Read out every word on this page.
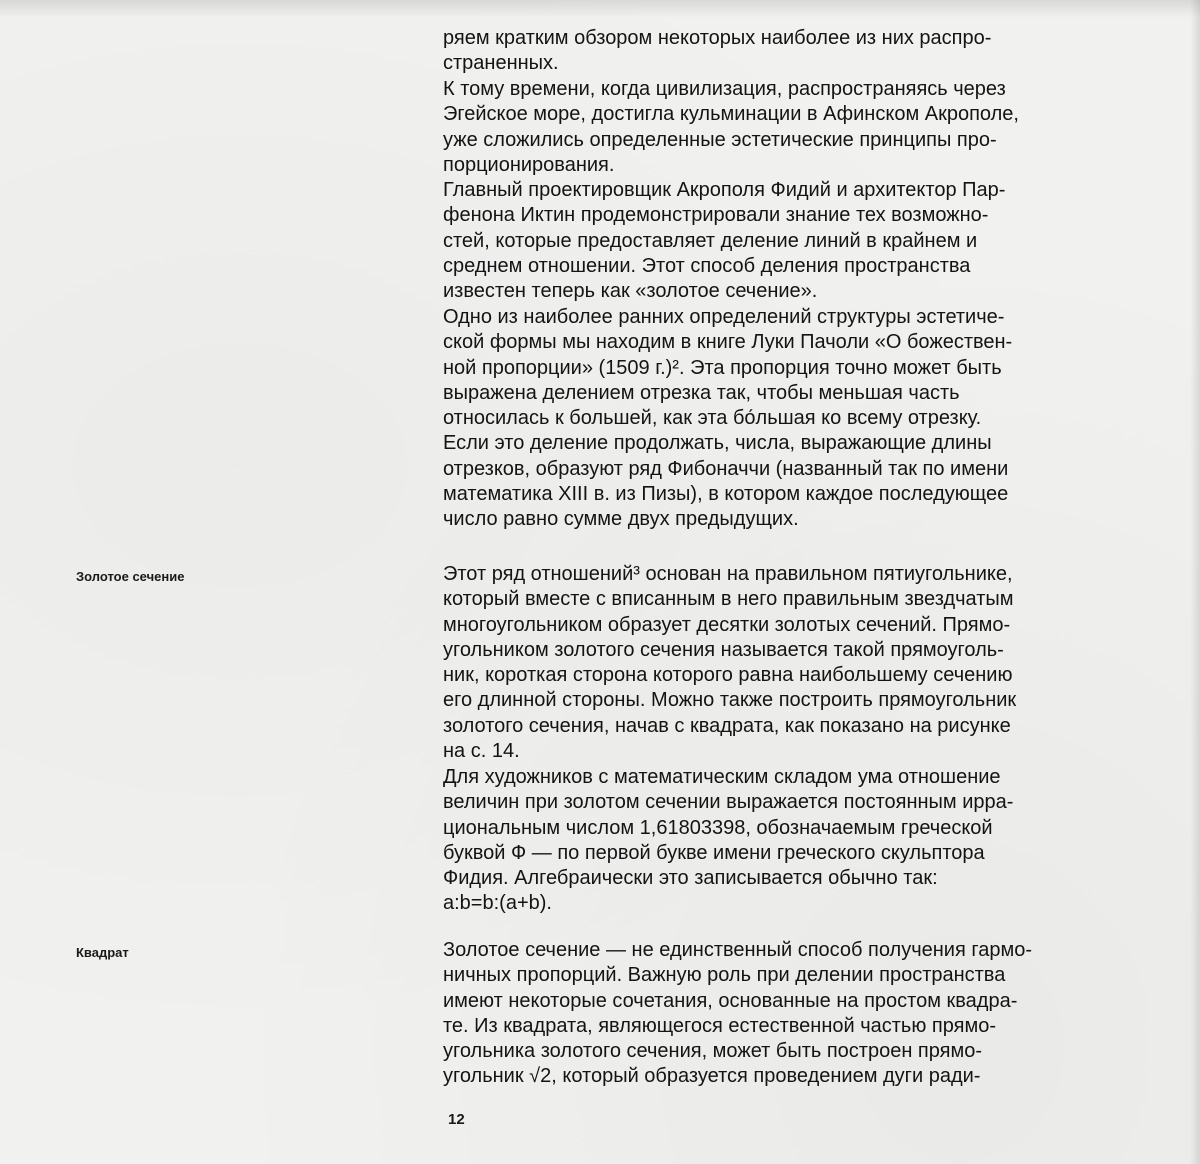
Золотое сечение
Квадрат
ряем кратким обзором некоторых наиболее из них распро-
страненных.
К тому времени, когда цивилизация, распространяясь через
Эгейское море, достигла кульминации в Афинском Акрополе,
уже сложились определенные эстетические принципы про-
порционирования.
Главный проектировщик Акрополя Фидий и архитектор Пар-
фенона Иктин продемонстрировали знание тех возможно-
стей, которые предоставляет деление линий в крайнем и
среднем отношении. Этот способ деления пространства
известен теперь как «золотое сечение».
Одно из наиболее ранних определений структуры эстетиче-
ской формы мы находим в книге Луки Пачоли «О божествен-
ной пропорции» (1509 г.)². Эта пропорция точно может быть
выражена делением отрезка так, чтобы меньшая часть
относилась к большей, как эта бо́льшая ко всему отрезку.
Если это деление продолжать, числа, выражающие длины
отрезков, образуют ряд Фибоначчи (названный так по имени
математика XIII в. из Пизы), в котором каждое последующее
число равно сумме двух предыдущих.
Этот ряд отношений³ основан на правильном пятиугольнике,
который вместе с вписанным в него правильным звездчатым
многоугольником образует десятки золотых сечений. Прямо-
угольником золотого сечения называется такой прямоуголь-
ник, короткая сторона которого равна наибольшему сечению
его длинной стороны. Можно также построить прямоугольник
золотого сечения, начав с квадрата, как показано на рисунке
на с. 14.
Для художников с математическим складом ума отношение
величин при золотом сечении выражается постоянным ирра-
циональным числом 1,61803398, обозначаемым греческой
буквой Ф — по первой букве имени греческого скульптора
Фидия. Алгебраически это записывается обычно так:
a:b=b:(a+b).
Золотое сечение — не единственный способ получения гармо-
ничных пропорций. Важную роль при делении пространства
имеют некоторые сочетания, основанные на простом квадра-
те. Из квадрата, являющегося естественной частью прямо-
угольника золотого сечения, может быть построен прямо-
угольник √2, который образуется проведением дуги ради-
12
